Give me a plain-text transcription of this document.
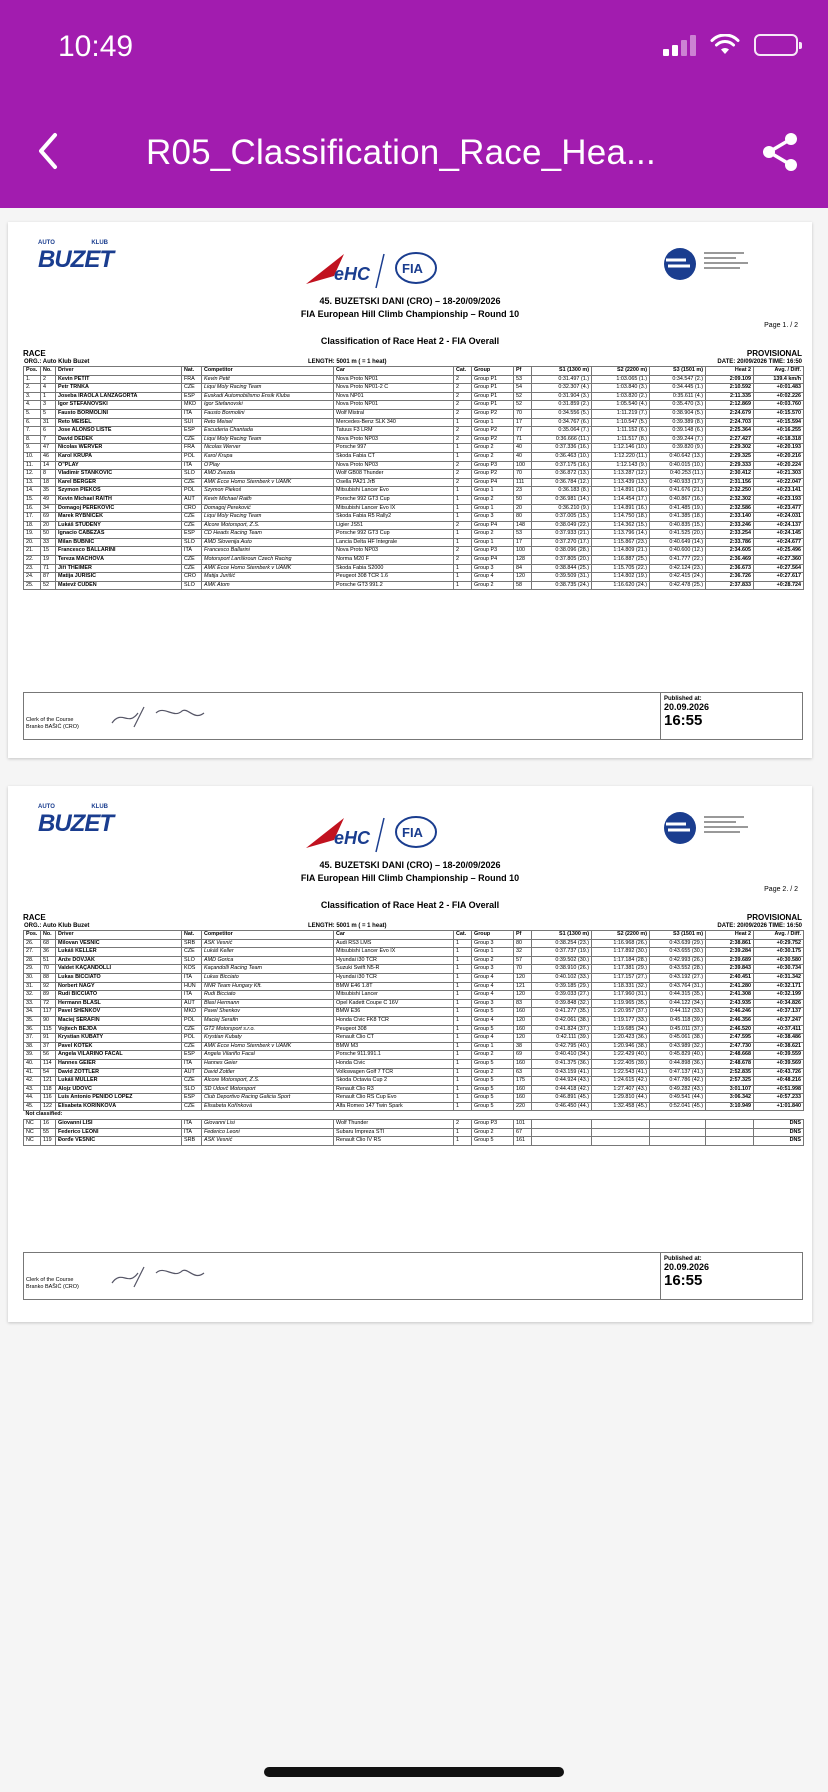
10:49
R05_Classification_Race_Hea...
AUTO	KLUB
BUZET
eHC FIA
45. BUZETSKI DANI (CRO) – 18-20/09/2026
FIA European Hill Climb Championship – Round 10
Page 1. / 2
Classification of Race Heat 2 - FIA Overall
RACE	PROVISIONAL
ORG.: Auto Klub Buzet	LENGTH: 5001 m ( = 1 heat)	DATE: 20/09/2026 TIME: 16:50
Pos.	No.	Driver	Nat.	Competitor	Car	Cat.	Group	Pf	S1 (1300 m)	S2 (2200 m)	S3 (1501 m)	Heat 2	Avg. / Diff.
1.	2	Kevin PETIT	FRA	Kevin Petit	Nova Proto NP01	2	Group P1	53	0:31.497 (1.)	1:03.065 (1.)	0:34.547 (2.)	2:09.109	139.4 km/h
2.	4	Petr TRNKA	CZE	Liqui Moly Racing Team	Nova Proto NP01-2 C	2	Group P1	54	0:32.307 (4.)	1:03.840 (3.)	0:34.445 (1.)	2:10.592	+0:01.483
3.	1	Joseba IRAOLA LANZAGORTA	ESP	Euskadi Automobilismo Ensik Kluba	Nova NP01	2	Group P1	52	0:31.904 (3.)	1:03.820 (2.)	0:35.611 (4.)	2:11.335	+0:02.226
4.	3	Igor ŠTEFANOVSKI	MKD	Igor Stefanovski	Nova Proto NP01	2	Group P1	52	0:31.859 (2.)	1:05.540 (4.)	0:35.470 (3.)	2:12.869	+0:03.760
5.	5	Fausto BORMOLINI	ITA	Fausto Bormolini	Wolf Mistral	2	Group P2	70	0:34.556 (5.)	1:11.219 (7.)	0:38.904 (5.)	2:24.679	+0:15.570
6.	31	Reto MEISEL	SUI	Reto Meisel	Mercedes-Benz SLK 340	1	Group 1	17	0:34.767 (6.)	1:10.547 (5.)	0:39.389 (8.)	2:24.703	+0:15.594
7.	6	Jose ALONSO LISTE	ESP	Escuderia Chantada	Tatuus F3 LRM	2	Group P2	77	0:35.064 (7.)	1:11.152 (6.)	0:39.148 (6.)	2:25.364	+0:16.255
8.	7	David DĚDEK	CZE	Liqui Moly Racing Team	Nova Proto NP03	2	Group P2	71	0:36.666 (11.)	1:11.517 (8.)	0:39.244 (7.)	2:27.427	+0:18.318
9.	47	Nicolas WERVER	FRA	Nicolas Werver	Porsche 997	1	Group 2	40	0:37.336 (16.)	1:12.146 (10.)	0:39.820 (9.)	2:29.302	+0:20.193
10.	46	Karol KRUPA	POL	Karol Krupa	Škoda Fabia CT	1	Group 2	40	0:36.463 (10.)	1:12.220 (11.)	0:40.642 (13.)	2:29.325	+0:20.216
11.	14	O"PLAY	ITA	O'Play	Nova Proto NP03	2	Group P3	100	0:37.175 (16.)	1:12.143 (9.)	0:40.015 (10.)	2:29.333	+0:20.224
12.	8	Vladimír STANKOVIČ	SLO	AMD Zvezda	Wolf GB08 Thunder	2	Group P2	70	0:36.872 (13.)	1:13.287 (12.)	0:40.253 (11.)	2:30.412	+0:21.303
13.	18	Karel BERGER	CZE	AMK Ecce Homo Šternberk v ÚAMK	Osella PA21 JrB	2	Group P4	111	0:36.784 (12.)	1:13.439 (13.)	0:40.933 (17.)	2:31.156	+0:22.047
14.	35	Szymon PIEKOŚ	POL	Szymon Piekoś	Mitsubishi Lancer Evo	1	Group 1	23	0:36.183 (8.)	1:14.891 (16.)	0:41.676 (21.)	2:32.250	+0:23.141
15.	49	Kevin Michael RAITH	AUT	Kevin Michael Raith	Porsche 992 GT3 Cup	1	Group 2	50	0:36.981 (14.)	1:14.454 (17.)	0:40.867 (16.)	2:32.302	+0:23.193
16.	34	Domagoj PEREKOVIĆ	CRO	Domagoj Pereković	Mitsubishi Lancer Evo IX	1	Group 1	20	0:36.210 (9.)	1:14.891 (16.)	0:41.485 (19.)	2:32.586	+0:23.477
17.	69	Marek RYBNÍČEK	CZE	Liqui Moly Racing Team	Škoda Fabia R5 Rally2	1	Group 3	80	0:37.005 (15.)	1:14.750 (18.)	0:41.385 (18.)	2:33.140	+0:24.031
18.	20	Lukáš STUDENÝ	CZE	Alcore Motorsport, Z.S.	Ligier JS51	2	Group P4	148	0:38.049 (22.)	1:14.362 (15.)	0:40.835 (15.)	2:33.246	+0:24.137
19.	50	Ignacio CABEZAS	ESP	CD Heads Racing Team	Porsche 992 GT3 Cup	1	Group 2	53	0:37.933 (21.)	1:13.796 (14.)	0:41.525 (20.)	2:33.254	+0:24.145
20.	33	Milan BUBNIĆ	SLO	AMD Slovenija Auto	Lancia Delta HF Integrale	1	Group 1	17	0:37.270 (17.)	1:15.867 (23.)	0:40.649 (14.)	2:33.786	+0:24.677
21.	15	Francesco BALLARINI	ITA	Francesco Ballarini	Nova Proto NP03	2	Group P3	100	0:38.096 (28.)	1:14.809 (21.)	0:40.600 (12.)	2:34.605	+0:25.496
22.	19	Tereza MACHOVÁ	CZE	Motorsport Lanškroun Czech Racing	Norma M20 F	2	Group P4	128	0:37.805 (20.)	1:16.887 (25.)	0:41.777 (22.)	2:36.469	+0:27.360
23.	71	Jiří THEIMER	CZE	AMK Ecce Homo Šternberk v ÚAMK	Škoda Fabia S2000	1	Group 3	84	0:38.844 (25.)	1:15.705 (22.)	0:42.124 (23.)	2:36.673	+0:27.564
24.	87	Matija JURIŠIĆ	CRO	Matija Jurišić	Peugeot 308 TCR 1.6	1	Group 4	120	0:39.509 (31.)	1:14.802 (19.)	0:42.415 (24.)	2:36.726	+0:27.617
25.	52	Matevž ČUDEN	SLO	AMK Atom	Porsche GT3 991.2	1	Group 2	58	0:38.735 (24.)	1:16.620 (24.)	0:42.478 (25.)	2:37.833	+0:28.724
Clerk of the Course
Branko BAŠIĆ (CRO)
Published at:
20.09.2026
16:55
AUTO	KLUB
BUZET
eHC FIA
45. BUZETSKI DANI (CRO) – 18-20/09/2026
FIA European Hill Climb Championship – Round 10
Page 2. / 2
Classification of Race Heat 2 - FIA Overall
RACE	PROVISIONAL
ORG.: Auto Klub Buzet	LENGTH: 5001 m ( = 1 heat)	DATE: 20/09/2026 TIME: 16:50
Pos.	No.	Driver	Nat.	Competitor	Car	Cat.	Group	Pf	S1 (1300 m)	S2 (2200 m)	S3 (1501 m)	Heat 2	Avg. / Diff.
26.	68	Milovan VESNIĆ	SRB	ASK Vesnić	Audi RS3 LMS	1	Group 3	80	0:38.254 (23.)	1:16.968 (26.)	0:43.639 (29.)	2:38.861	+0:29.752
27.	36	Lukáš KELLER	CZE	Lukáš Keller	Mitsubishi Lancer Evo IX	1	Group 1	32	0:37.737 (19.)	1:17.892 (30.)	0:43.655 (30.)	2:39.284	+0:30.175
28.	51	Anže DOVJAK	SLO	AMD Gorica	Hyundai i30 TCR	1	Group 2	57	0:39.502 (30.)	1:17.184 (28.)	0:42.993 (26.)	2:39.689	+0:30.580
29.	70	Valdet KAÇANDOLLI	KOS	Kaçandolli Racing Team	Suzuki Swift N5-R	1	Group 3	70	0:38.910 (26.)	1:17.381 (29.)	0:43.552 (28.)	2:39.843	+0:30.734
30.	88	Lukas BICCIATO	ITA	Lukas Bicciato	Hyundai i30 TCR	1	Group 4	120	0:40.102 (33.)	1:17.157 (27.)	0:43.192 (27.)	2:40.451	+0:31.342
31.	92	Norbert NAGY	HUN	NNR Team Hungary Kft.	BMW E46 1.8T	1	Group 4	121	0:39.185 (29.)	1:18.331 (32.)	0:43.764 (31.)	2:41.280	+0:32.171
32.	89	Rudi BICCIATO	ITA	Rudi Bicciato	Mitsubishi Lancer	1	Group 4	120	0:39.033 (27.)	1:17.960 (31.)	0:44.315 (35.)	2:41.308	+0:32.199
33.	72	Hermann BLASL	AUT	Blasl Hermann	Opel Kadett Coupe C 16V	1	Group 3	83	0:39.848 (32.)	1:19.965 (35.)	0:44.122 (34.)	2:43.935	+0:34.826
34.	117	Pavel SHENKOV	MKD	Pavel Shenkov	BMW E36	1	Group 5	160	0:41.277 (35.)	1:20.957 (37.)	0:44.112 (33.)	2:46.246	+0:37.137
35.	90	Maciej SERAFIN	POL	Maciej Serafin	Honda Civic FK8 TCR	1	Group 4	120	0:42.061 (38.)	1:19.177 (33.)	0:45.118 (39.)	2:46.356	+0:37.247
36.	115	Vojtech BEJDA	CZE	GT2 Motorsport s.r.o.	Peugeot 308	1	Group 5	160	0:41.824 (37.)	1:19.685 (34.)	0:45.011 (37.)	2:46.520	+0:37.411
37.	91	Krystian KUBATY	POL	Krystian Kubaty	Renault Clio CT	1	Group 4	120	0:42.111 (39.)	1:20.423 (36.)	0:45.061 (38.)	2:47.595	+0:38.486
38.	37	Pavel KOTEK	CZE	AMK Ecce Homo Šternberk v ÚAMK	BMW M3	1	Group 1	38	0:42.795 (40.)	1:20.946 (38.)	0:43.989 (32.)	2:47.730	+0:38.621
39.	56	Angela VILARIÑO FACAL	ESP	Angela Vilariño Facal	Porsche 911.991.1	1	Group 2	69	0:40.410 (34.)	1:22.429 (40.)	0:45.829 (40.)	2:48.668	+0:39.559
40.	114	Hannes GEIER	ITA	Hannes Geier	Honda Civic	1	Group 5	160	0:41.375 (36.)	1:22.405 (39.)	0:44.898 (36.)	2:48.678	+0:39.569
41.	54	David ZOTTLER	AUT	David Zottler	Volkswagen Golf 7 TCR	1	Group 2	63	0:43.159 (41.)	1:22.543 (41.)	0:47.137 (41.)	2:52.835	+0:43.726
42.	121	Lukáš MÜLLER	CZE	Alcore Motorsport, Z.S.	Škoda Octavia Cup 2	1	Group 5	175	0:44.924 (43.)	1:24.615 (42.)	0:47.786 (42.)	2:57.325	+0:48.216
43.	118	Alojz UDOVČ	SLO	ŠD Udovč Motorsport	Renault Clio R3	1	Group 5	160	0:44.418 (42.)	1:27.407 (43.)	0:49.282 (43.)	3:01.107	+0:51.998
44.	116	Luis Antonio PENIDO LOPEZ	ESP	Club Deportivo Racing Galicia Sport	Renault Clio RS Cup Evo	1	Group 5	160	0:46.891 (45.)	1:29.810 (44.)	0:49.541 (44.)	3:06.342	+0:57.233
45.	122	Elisabeta KOŘÍNKOVÁ	CZE	Elisabeta Kořínková	Alfa Romeo 147 Twin Spark	1	Group 5	220	0:46.450 (44.)	1:32.458 (45.)	0:52.041 (45.)	3:10.949	+1:01.840
Not classified:													
NC	16	Giovanni LISI	ITA	Giovanni Lisi	Wolf Thunder	2	Group P3	101					DNS
NC	55	Federico LEONI	ITA	Federico Leoni	Subaru Impreza STI	1	Group 2	67					DNS
NC	119	Đorđe VESNIĆ	SRB	ASK Vesnić	Renault Clio IV RS	1	Group 5	161					DNS
Clerk of the Course
Branko BAŠIĆ (CRO)
Published at:
20.09.2026
16:55
